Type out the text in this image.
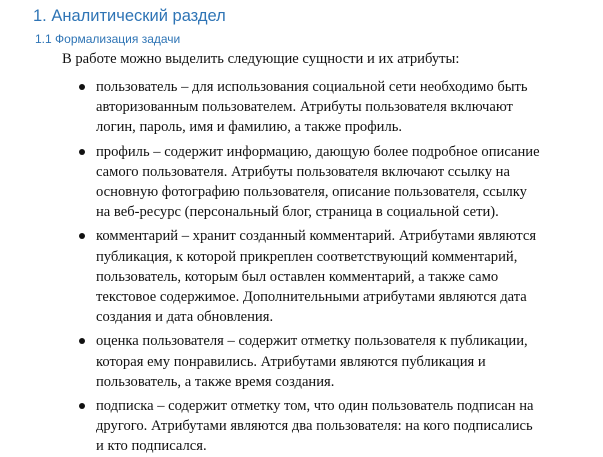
1. Аналитический раздел
1.1 Формализация задачи
В работе можно выделить следующие сущности и их атрибуты:
пользователь – для использования социальной сети необходимо быть
авторизованным пользователем. Атрибуты пользователя включают
логин, пароль, имя и фамилию, а также профиль.
профиль – содержит информацию, дающую более подробное описание
самого пользователя. Атрибуты пользователя включают ссылку на
основную фотографию пользователя, описание пользователя, ссылку
на веб-ресурс (персональный блог, страница в социальной сети).
комментарий – хранит созданный комментарий. Атрибутами являются
публикация, к которой прикреплен соответствующий комментарий,
пользователь, которым был оставлен комментарий, а также само
текстовое содержимое. Дополнительными атрибутами являются дата
создания и дата обновления.
оценка пользователя – содержит отметку пользователя к публикации,
которая ему понравились. Атрибутами являются публикация и
пользователь, а также время создания.
подписка – содержит отметку том, что один пользователь подписан на
другого. Атрибутами являются два пользователя: на кого подписались
и кто подписался.
